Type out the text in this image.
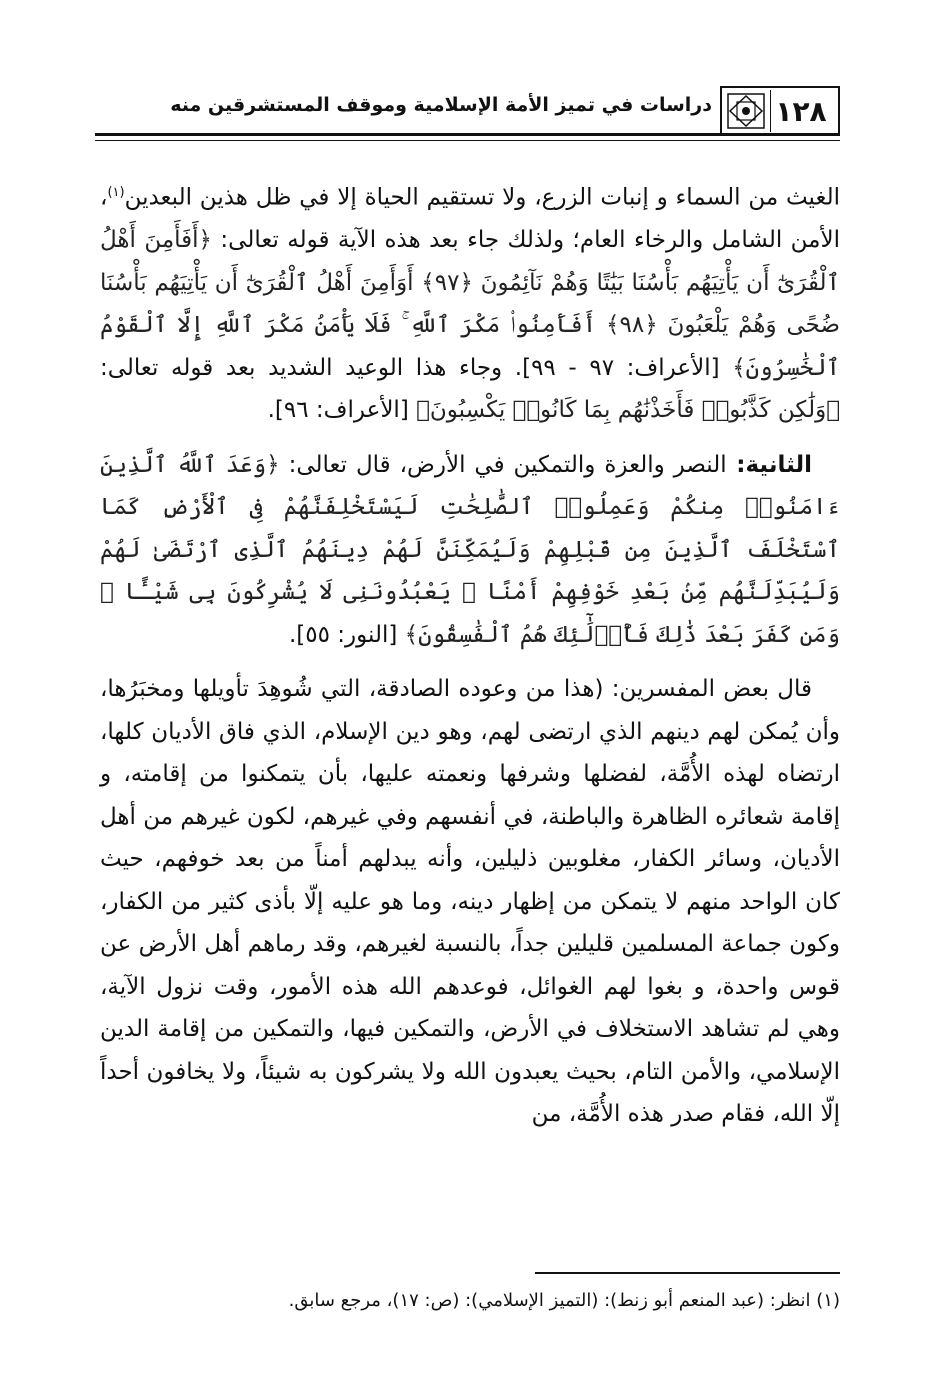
١٢٨
دراسات في تميز الأمة الإسلامية وموقف المستشرقين منه

الغيث من السماء و إنبات الزرع، ولا تستقيم الحياة إلا في ظل هذين البعدين$^{(١)}$، الأمن الشامل والرخاء العام؛ ولذلك جاء بعد هذه الآية قوله تعالى: ﴿أَفَأَمِنَ أَهْلُ ٱلْقُرَىٰٓ أَن يَأْتِيَهُم بَأْسُنَا بَيَٰتًا وَهُمْ نَآئِمُونَ ﴿٩٧﴾ أَوَأَمِنَ أَهْلُ ٱلْقُرَىٰٓ أَن يَأْتِيَهُم بَأْسُنَا ضُحًى وَهُمْ يَلْعَبُونَ ﴿٩٨﴾ أَفَأَمِنُوا۟ مَكْرَ ٱللَّهِ ۚ فَلَا يَأْمَنُ مَكْرَ ٱللَّهِ إِلَّا ٱلْقَوْمُ ٱلْخَٰسِرُونَ﴾ [الأعراف: ٩٧ - ٩٩]. وجاء هذا الوعيد الشديد بعد قوله تعالى: ﴿وَلَٰكِن كَذَّبُوا۟ فَأَخَذْنَٰهُم بِمَا كَانُوا۟ يَكْسِبُونَ﴾ [الأعراف: ٩٦].

الثانية: النصر والعزة والتمكين في الأرض، قال تعالى: ﴿وَعَدَ ٱللَّهُ ٱلَّذِينَ ءَامَنُوا۟ مِنكُمْ وَعَمِلُوا۟ ٱلصَّٰلِحَٰتِ لَيَسْتَخْلِفَنَّهُمْ فِى ٱلْأَرْضِ كَمَا ٱسْتَخْلَفَ ٱلَّذِينَ مِن قَبْلِهِمْ وَلَيُمَكِّنَنَّ لَهُمْ دِينَهُمُ ٱلَّذِى ٱرْتَضَىٰ لَهُمْ وَلَيُبَدِّلَنَّهُم مِّنۢ بَعْدِ خَوْفِهِمْ أَمْنًا ۚ يَعْبُدُونَنِى لَا يُشْرِكُونَ بِى شَيْـًٔا ۚ وَمَن كَفَرَ بَعْدَ ذَٰلِكَ فَأُو۟لَٰٓئِكَ هُمُ ٱلْفَٰسِقُونَ﴾ [النور: ٥٥].

قال بعض المفسرين: (هذا من وعوده الصادقة، التي شُوهِدَ تأويلها ومخبَرُها، وأن يُمكن لهم دينهم الذي ارتضى لهم، وهو دين الإسلام، الذي فاق الأديان كلها، ارتضاه لهذه الأُمَّة، لفضلها وشرفها ونعمته عليها، بأن يتمكنوا من إقامته، و إقامة شعائره الظاهرة والباطنة، في أنفسهم وفي غيرهم، لكون غيرهم من أهل الأديان، وسائر الكفار، مغلوبين ذليلين، وأنه يبدلهم أمناً من بعد خوفهم، حيث كان الواحد منهم لا يتمكن من إظهار دينه، وما هو عليه إلّا بأذى كثير من الكفار، وكون جماعة المسلمين قليلين جداً، بالنسبة لغيرهم، وقد رماهم أهل الأرض عن قوس واحدة، و بغوا لهم الغوائل، فوعدهم الله هذه الأمور، وقت نزول الآية، وهي لم تشاهد الاستخلاف في الأرض، والتمكين فيها، والتمكين من إقامة الدين الإسلامي، والأمن التام، بحيث يعبدون الله ولا يشركون به شيئاً، ولا يخافون أحداً إلّا الله، فقام صدر هذه الأُمَّة، من

(١) انظر: (عبد المنعم أبو زنط): (التميز الإسلامي): (ص: ١٧)، مرجع سابق.
